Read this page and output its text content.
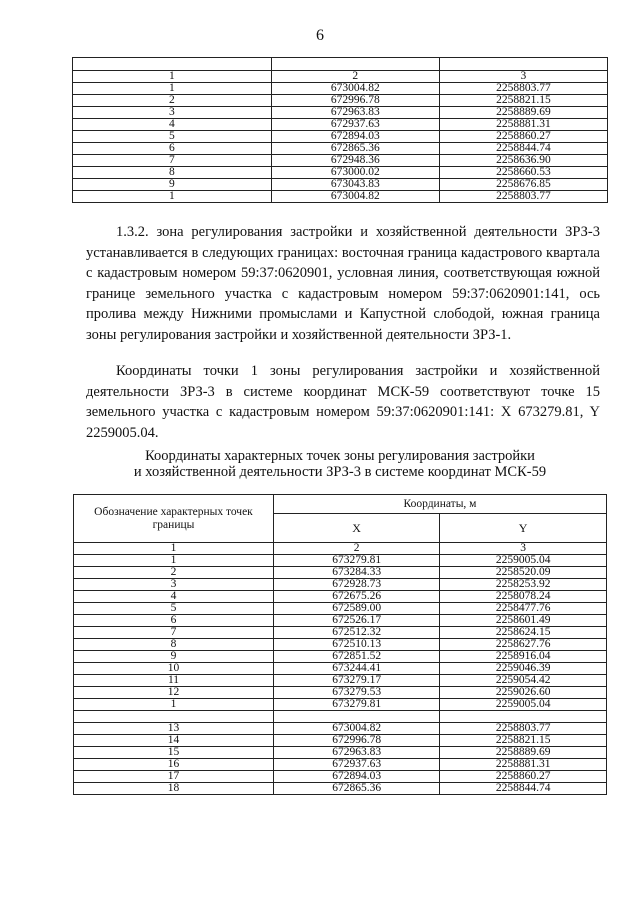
6

1	2	3
1	673004.82	2258803.77
2	672996.78	2258821.15
3	672963.83	2258889.69
4	672937.63	2258881.31
5	672894.03	2258860.27
6	672865.36	2258844.74
7	672948.36	2258636.90
8	673000.02	2258660.53
9	673043.83	2258676.85
1	673004.82	2258803.77
1.3.2. зона регулирования застройки и хозяйственной деятельности ЗРЗ-3 устанавливается в следующих границах: восточная граница кадастрового квартала с кадастровым номером 59:37:0620901, условная линия, соответствующая южной границе земельного участка с кадастровым номером 59:37:0620901:141, ось пролива между Нижними промыслами и Капустной слободой, южная граница зоны регулирования застройки и хозяйственной деятельности ЗРЗ-1.
Координаты точки 1 зоны регулирования застройки и хозяйственной деятельности ЗРЗ-3 в системе координат МСК-59 соответствуют точке 15 земельного участка с кадастровым номером 59:37:0620901:141: X 673279.81, Y 2259005.04.
Координаты характерных точек зоны регулирования застройки
и хозяйственной деятельности ЗРЗ-3 в системе координат МСК-59
Обозначение характерных точек границы	Координаты, м	
	X	Y
1	2	3
1	673279.81	2259005.04
2	673284.33	2258520.09
3	672928.73	2258253.92
4	672675.26	2258078.24
5	672589.00	2258477.76
6	672526.17	2258601.49
7	672512.32	2258624.15
8	672510.13	2258627.76
9	672851.52	2258916.04
10	673244.41	2259046.39
11	673279.17	2259054.42
12	673279.53	2259026.60
1	673279.81	2259005.04

13	673004.82	2258803.77
14	672996.78	2258821.15
15	672963.83	2258889.69
16	672937.63	2258881.31
17	672894.03	2258860.27
18	672865.36	2258844.74
